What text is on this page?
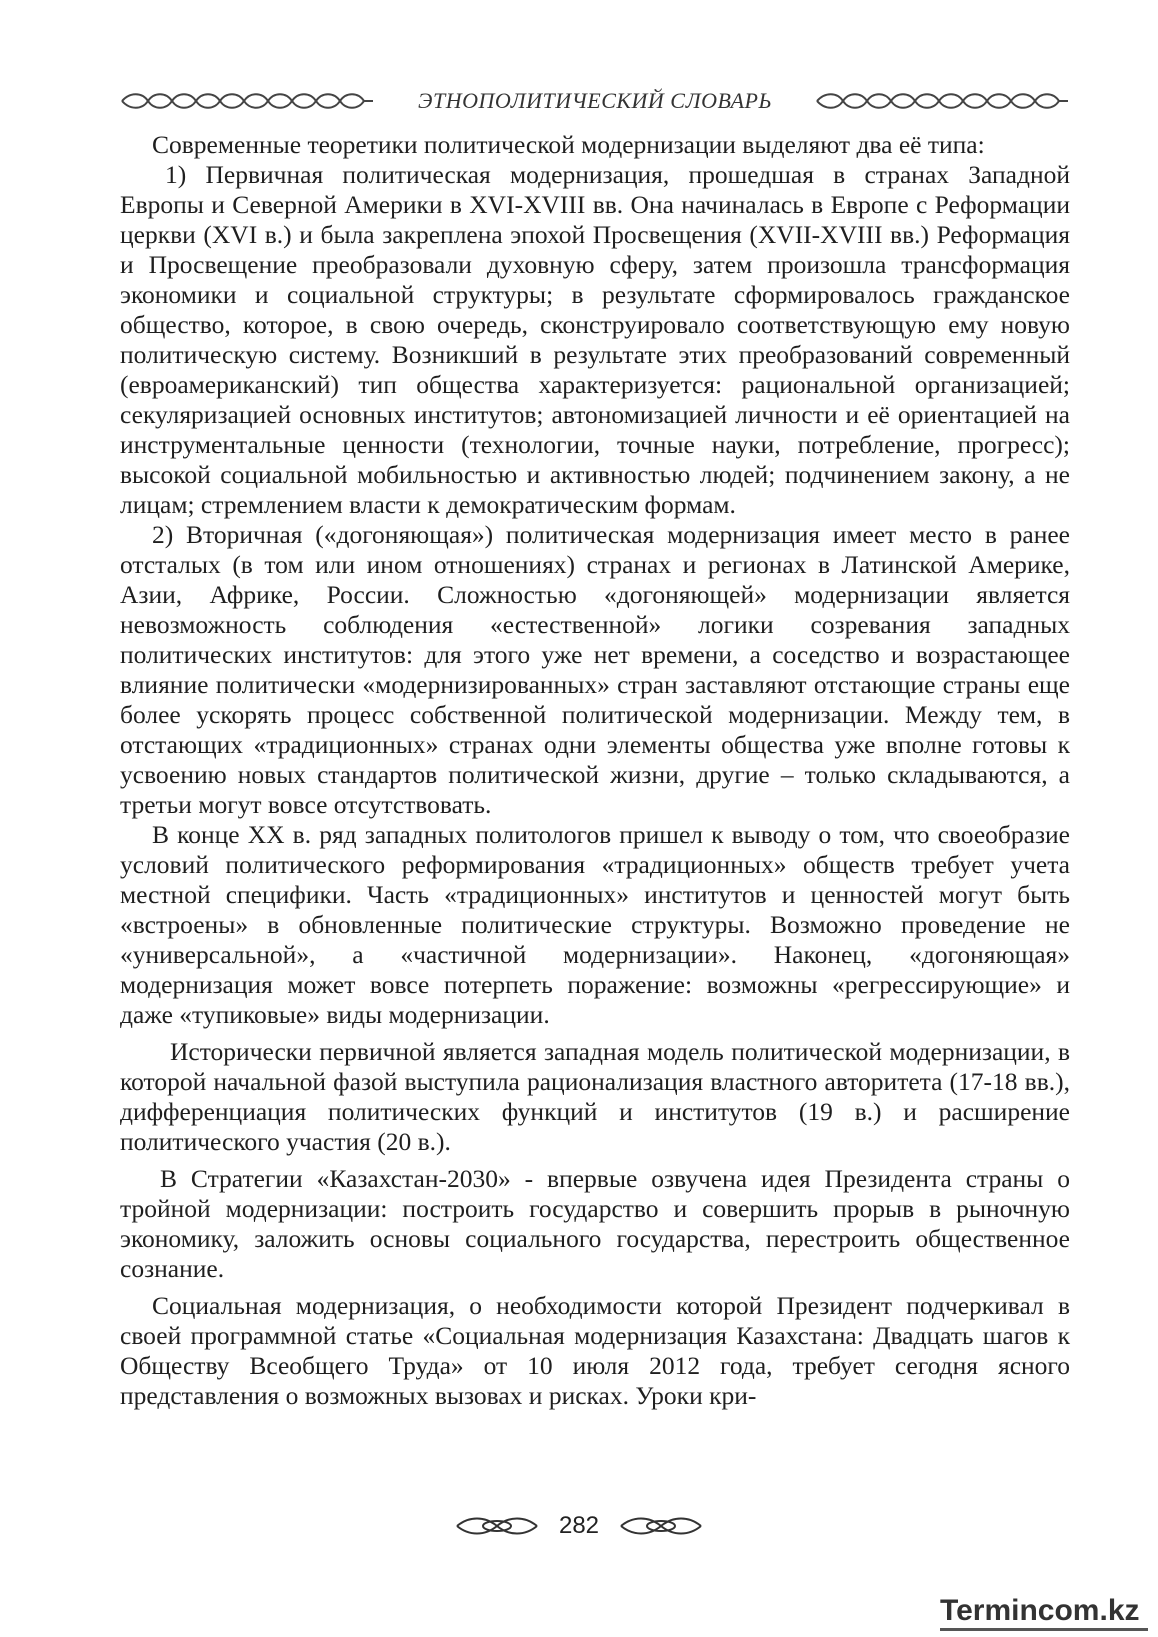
ЭТНОПОЛИТИЧЕСКИЙ СЛОВАРЬ

Современные теоретики политической модернизации выделяют два её типа:

1) Первичная политическая модернизация, прошедшая в странах Западной Европы и Северной Америки в XVI-XVIII вв. Она начиналась в Европе с Реформации церкви (XVI в.) и была закреплена эпохой Просвещения (XVII-XVIII вв.) Реформация и Просвещение преобразовали духовную сферу, затем произошла трансформация экономики и социальной структуры; в результате сформировалось гражданское общество, которое, в свою очередь, сконструировало соответствующую ему новую политическую систему. Возникший в результате этих преобразований современный (евроамериканский) тип общества характеризуется: рациональной организацией; секуляризацией основных институтов; автономизацией личности и её ориентацией на инструментальные ценности (технологии, точные науки, потребление, прогресс); высокой социальной мобильностью и активностью людей; подчинением закону, а не лицам; стремлением власти к демократическим формам.

2) Вторичная («догоняющая») политическая модернизация имеет место в ранее отсталых (в том или ином отношениях) странах и регионах в Латинской Америке, Азии, Африке, России. Сложностью «догоняющей» модернизации является невозможность соблюдения «естественной» логики созревания западных политических институтов: для этого уже нет времени, а соседство и возрастающее влияние политически «модернизированных» стран заставляют отстающие страны еще более ускорять процесс собственной политической модернизации. Между тем, в отстающих «традиционных» странах одни элементы общества уже вполне готовы к усвоению новых стандартов политической жизни, другие – только складываются, а третьи могут вовсе отсутствовать.

В конце XX в. ряд западных политологов пришел к выводу о том, что своеобразие условий политического реформирования «традиционных» обществ требует учета местной специфики. Часть «традиционных» институтов и ценностей могут быть «встроены» в обновленные политические структуры. Возможно проведение не «универсальной», а «частичной модернизации». Наконец, «догоняющая» модернизация может вовсе потерпеть поражение: возможны «регрессирующие» и даже «тупиковые» виды модернизации.

Исторически первичной является западная модель политической модернизации, в которой начальной фазой выступила рационализация властного авторитета (17-18 вв.), дифференциация политических функций и институтов (19 в.) и расширение политического участия (20 в.).

В Стратегии «Казахстан-2030» - впервые озвучена идея Президента страны о тройной модернизации: построить государство и совершить прорыв в рыночную экономику, заложить основы социального государства, перестроить общественное сознание.

Социальная модернизация, о необходимости которой Президент подчеркивал в своей программной статье «Социальная модернизация Казахстана: Двадцать шагов к Обществу Всеобщего Труда» от 10 июля 2012 года, требует сегодня ясного представления о возможных вызовах и рисках. Уроки кри-

282
Termincom.kz
